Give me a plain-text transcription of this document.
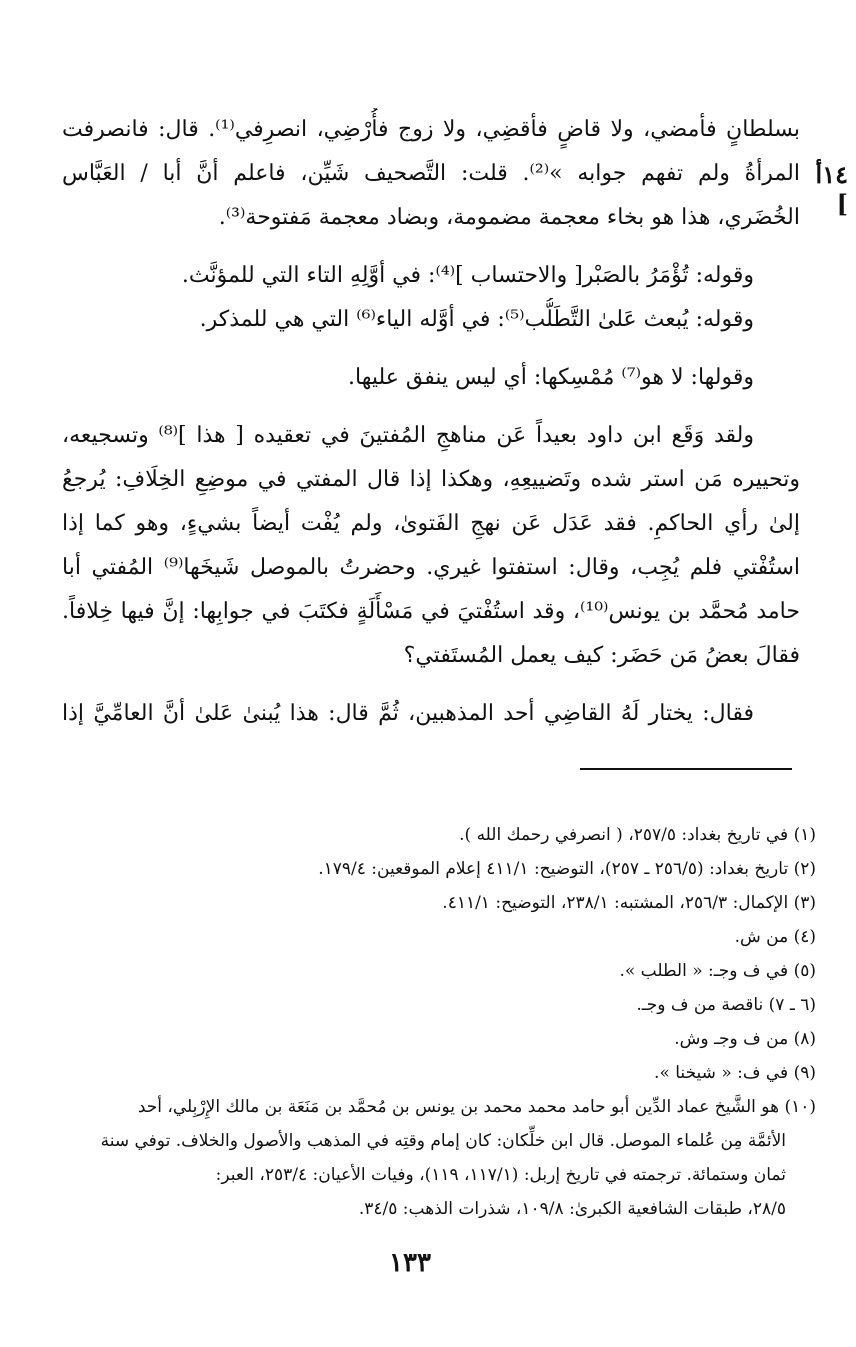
١٤أ ]
بسلطانٍ فأمضي، ولا قاضٍ فأقضِي، ولا زوج فأُرْضِي، انصرِفي⁽¹⁾. قال: فانصرفت
المرأةُ ولم تفهم جوابه »⁽²⁾. قلت: التَّصحيف شَيِّن، فاعلم أنَّ أبا / العَبَّاس
الخُضَري، هذا هو بخاء معجمة مضمومة، وبضاد معجمة مَفتوحة⁽³⁾.
وقوله: تُؤْمَرُ بالصَبْر[ والاحتساب ]⁽⁴⁾: في أوَّلِهِ التاء التي للمؤنَّث.
وقوله: يُبعث عَلىٰ التَّطَلُّب⁽⁵⁾: في أوَّله الياء⁽⁶⁾ التي هي للمذكر.
وقولها: لا هو⁽⁷⁾ مُمْسِكها: أي ليس ينفق عليها.
ولقد وَقَع ابن داود بعيداً عَن مناهجِ المُفتينَ في تعقيده [ هذا ]⁽⁸⁾ وتسجيعه،
وتحييره مَن استر شده وتَضييعِهِ، وهكذا إذا قال المفتي في موضِعِ الخِلَافِ: يُرجعُ
إلىٰ رأي الحاكمِ. فقد عَدَل عَن نهجِ الفَتوىٰ، ولم يُفْت أيضاً بشيءٍ، وهو كما إذا
استُفْتي فلم يُجِب، وقال: استفتوا غيري. وحضرتُ بالموصل شَيخَها⁽⁹⁾ المُفتي أبا
حامد مُحمَّد بن يونس⁽¹⁰⁾، وقد استُفْتيَ في مَسْأَلَةٍ فكتَبَ في جوابِها: إنَّ فيها خِلافاً.
فقالَ بعضُ مَن حَضَر: كيف يعمل المُستَفتي؟
فقال: يختار لَهُ القاضِي أحد المذهبين، ثُمَّ قال: هذا يُبنىٰ عَلىٰ أنَّ العامِّيَّ إذا
(١) في تاريخ بغداد: ٢٥٧/٥، ( انصرفي رحمك الله ).
(٢) تاريخ بغداد: (٢٥٦/٥ ـ ٢٥٧)، التوضيح: ٤١١/١ إعلام الموقعين: ١٧٩/٤.
(٣) الإكمال: ٢٥٦/٣، المشتبه: ٢٣٨/١، التوضيح: ٤١١/١.
(٤) من ش.
(٥) في ف وجـ: « الطلب ».
(٦ ـ ٧) ناقصة من ف وجـ.
(٨) من ف وجـ وش.
(٩) في ف: « شيخنا ».
(١٠) هو الشَّيخ عماد الدِّين أبو حامد محمد محمد بن يونس بن مُحمَّد بن مَنَعَة بن مالك الإِرْبِلي، أحد
الأئمَّة مِن عُلماء الموصل. قال ابن خلِّكان: كان إمام وقتِه في المذهب والأصول والخلاف. توفي سنة
ثمان وستمائة. ترجمته في تاريخ إربل: (١١٧/١، ١١٩)، وفيات الأعيان: ٢٥٣/٤، العبر:
٢٨/٥، طبقات الشافعية الكبرىٰ: ١٠٩/٨، شذرات الذهب: ٣٤/٥.
١٣٣
